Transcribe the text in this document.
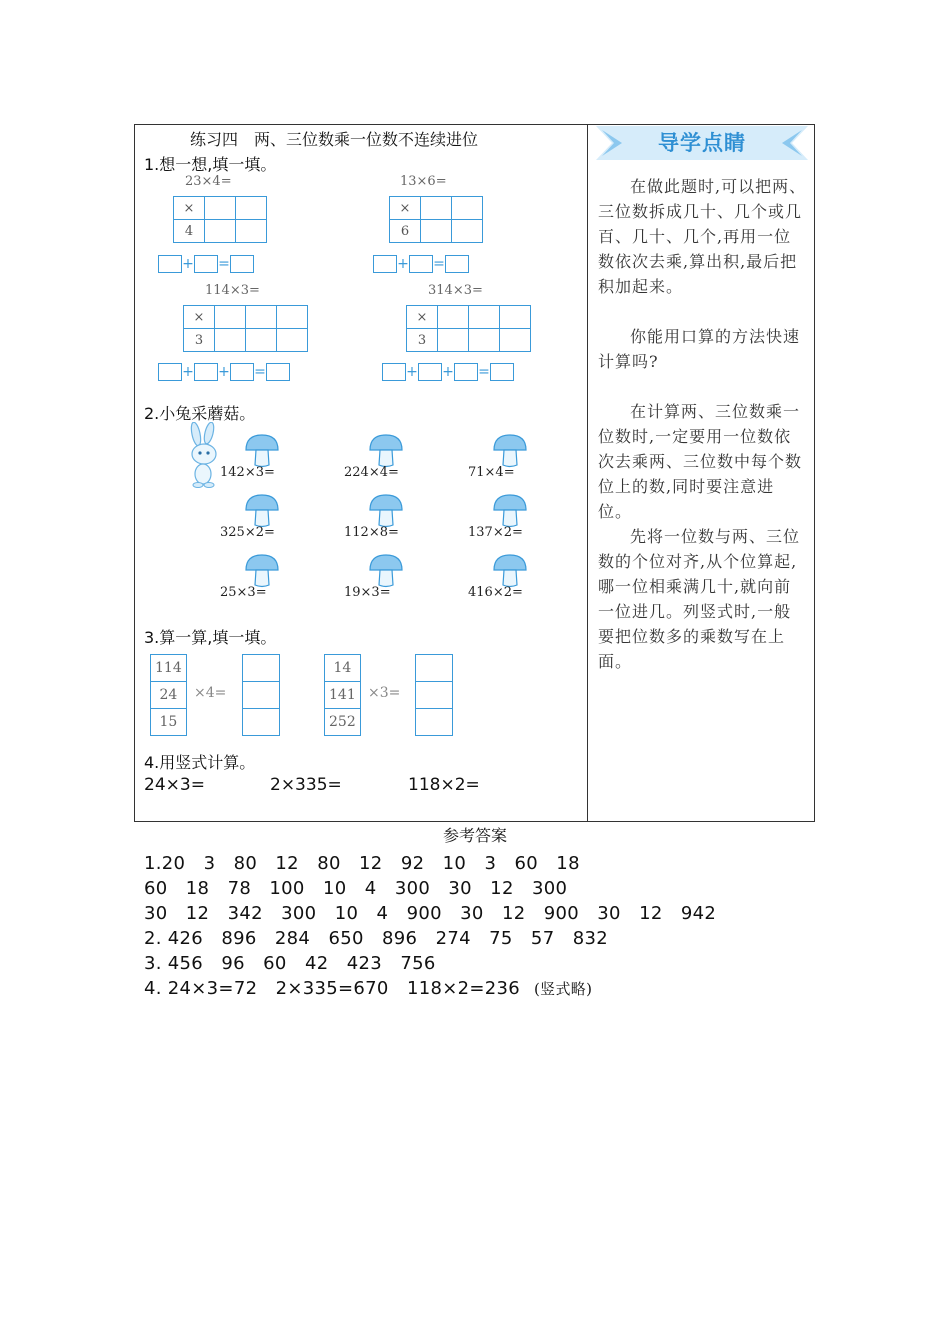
练习四　两、三位数乘一位数不连续进位
1.想一想,填一填。
23×4=
×		
4		
+ =
13×6=
×		
6		
+ =
114×3=
×			
3			
+ + =
314×3=
×			
3			
+ + =
2.小兔采蘑菇。
142×3=	224×4=	71×4=
325×2=	112×8=	137×2=
25×3=	19×3=	416×2=
3.算一算,填一填。
114
24
15
×4=

14
141
252
×3=

4.用竖式计算。
24×3=	2×335=	118×2=
导学点睛

在做此题时,可以把两、三位数拆成几十、几个或几百、几十、几个,再用一位数依次去乘,算出积,最后把积加起来。

你能用口算的方法快速计算吗?

在计算两、三位数乘一位数时,一定要用一位数依次去乘两、三位数中每个数位上的数,同时要注意进位。

先将一位数与两、三位数的个位对齐,从个位算起,哪一位相乘满几十,就向前一位进几。列竖式时,一般要把位数多的乘数写在上面。

参考答案
1.20　3　80　12　80　12　92　10　3　60　18
60　18　78　100　10　4　300　30　12　300
30　12　342　300　10　4　900　30　12　900　30　12　942
2. 426　896　284　650　896　274　75　57　832
3. 456　96　60　42　423　756
4. 24×3=72　2×335=670　118×2=236 (竖式略)
